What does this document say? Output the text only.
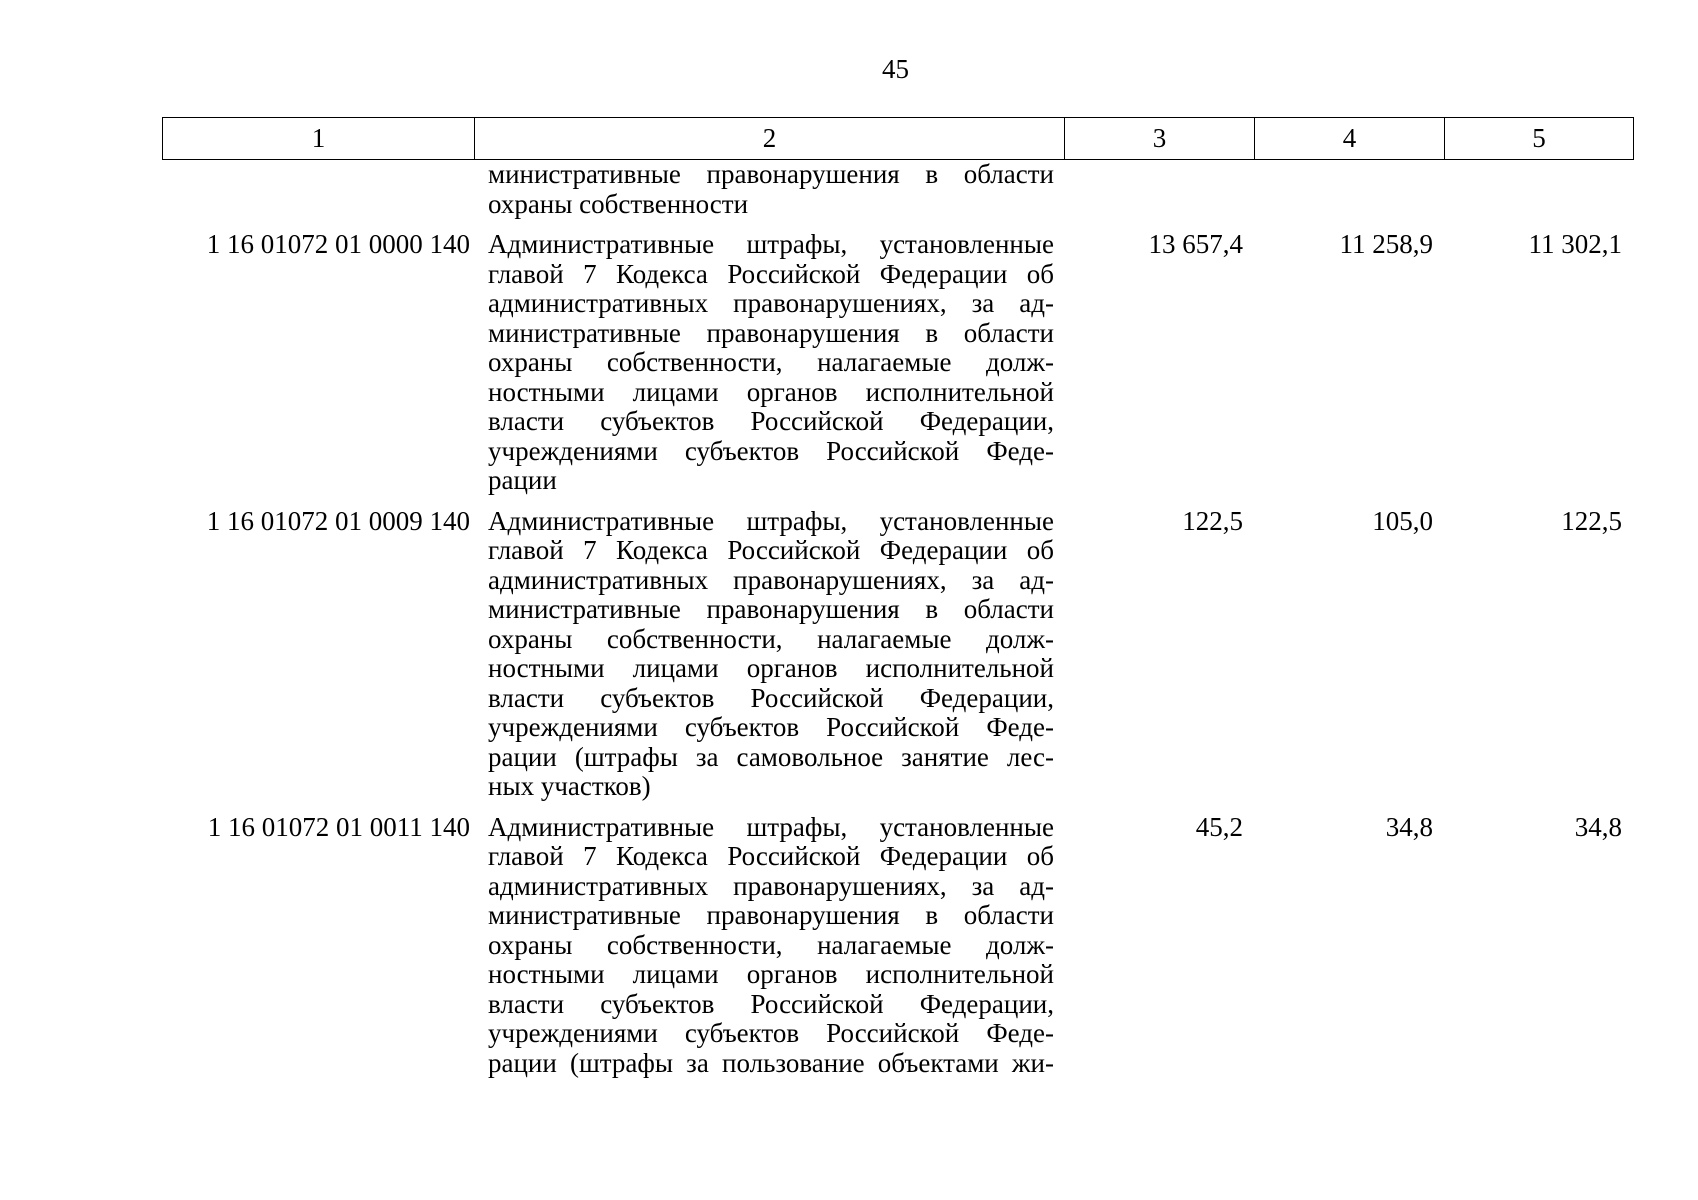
45
1	2	3	4	5
министративные правонарушения в области
охраны собственности
1 16 01072 01 0000 140 Административные штрафы, установленные
главой 7 Кодекса Российской Федерации об
административных правонарушениях, за ад-
министративные правонарушения в области
охраны собственности, налагаемые долж-
ностными лицами органов исполнительной
власти субъектов Российской Федерации,
учреждениями субъектов Российской Феде-
рации
13 657,4	11 258,9	11 302,1
1 16 01072 01 0009 140 Административные штрафы, установленные
главой 7 Кодекса Российской Федерации об
административных правонарушениях, за ад-
министративные правонарушения в области
охраны собственности, налагаемые долж-
ностными лицами органов исполнительной
власти субъектов Российской Федерации,
учреждениями субъектов Российской Феде-
рации (штрафы за самовольное занятие лес-
ных участков)
122,5	105,0	122,5
1 16 01072 01 0011 140 Административные штрафы, установленные
главой 7 Кодекса Российской Федерации об
административных правонарушениях, за ад-
министративные правонарушения в области
охраны собственности, налагаемые долж-
ностными лицами органов исполнительной
власти субъектов Российской Федерации,
учреждениями субъектов Российской Феде-
рации (штрафы за пользование объектами жи-
45,2	34,8	34,8
